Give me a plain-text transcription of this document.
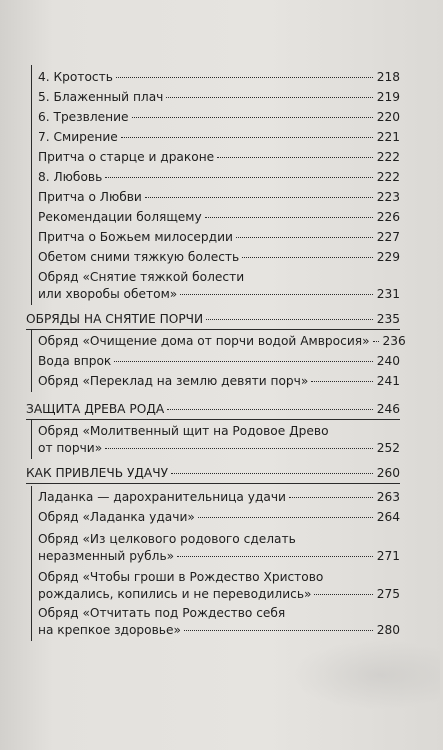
4. Кротость	218
5. Блаженный плач	219
6. Трезвление	220
7. Смирение	221
Притча о старце и драконе	222
8. Любовь	222
Притча о Любви	223
Рекомендации болящему	226
Притча о Божьем милосердии	227
Обетом сними тяжкую болесть	229
Обряд «Снятие тяжкой болести
или хворобы обетом»	231
ОБРЯДЫ НА СНЯТИЕ ПОРЧИ	235
Обряд «Очищение дома от порчи водой Амвросия» 236
Вода впрок	240
Обряд «Переклад на землю девяти порч»	241
ЗАЩИТА ДРЕВА РОДА	246
Обряд «Молитвенный щит на Родовое Древо
от порчи»	252
КАК ПРИВЛЕЧЬ УДАЧУ	260
Ладанка — дарохранительница удачи	263
Обряд «Ладанка удачи»	264
Обряд «Из целкового родового сделать
неразменный рубль»	271
Обряд «Чтобы гроши в Рождество Христово
рождались, копились и не переводились»	275
Обряд «Отчитать под Рождество себя
на крепкое здоровье»	280
